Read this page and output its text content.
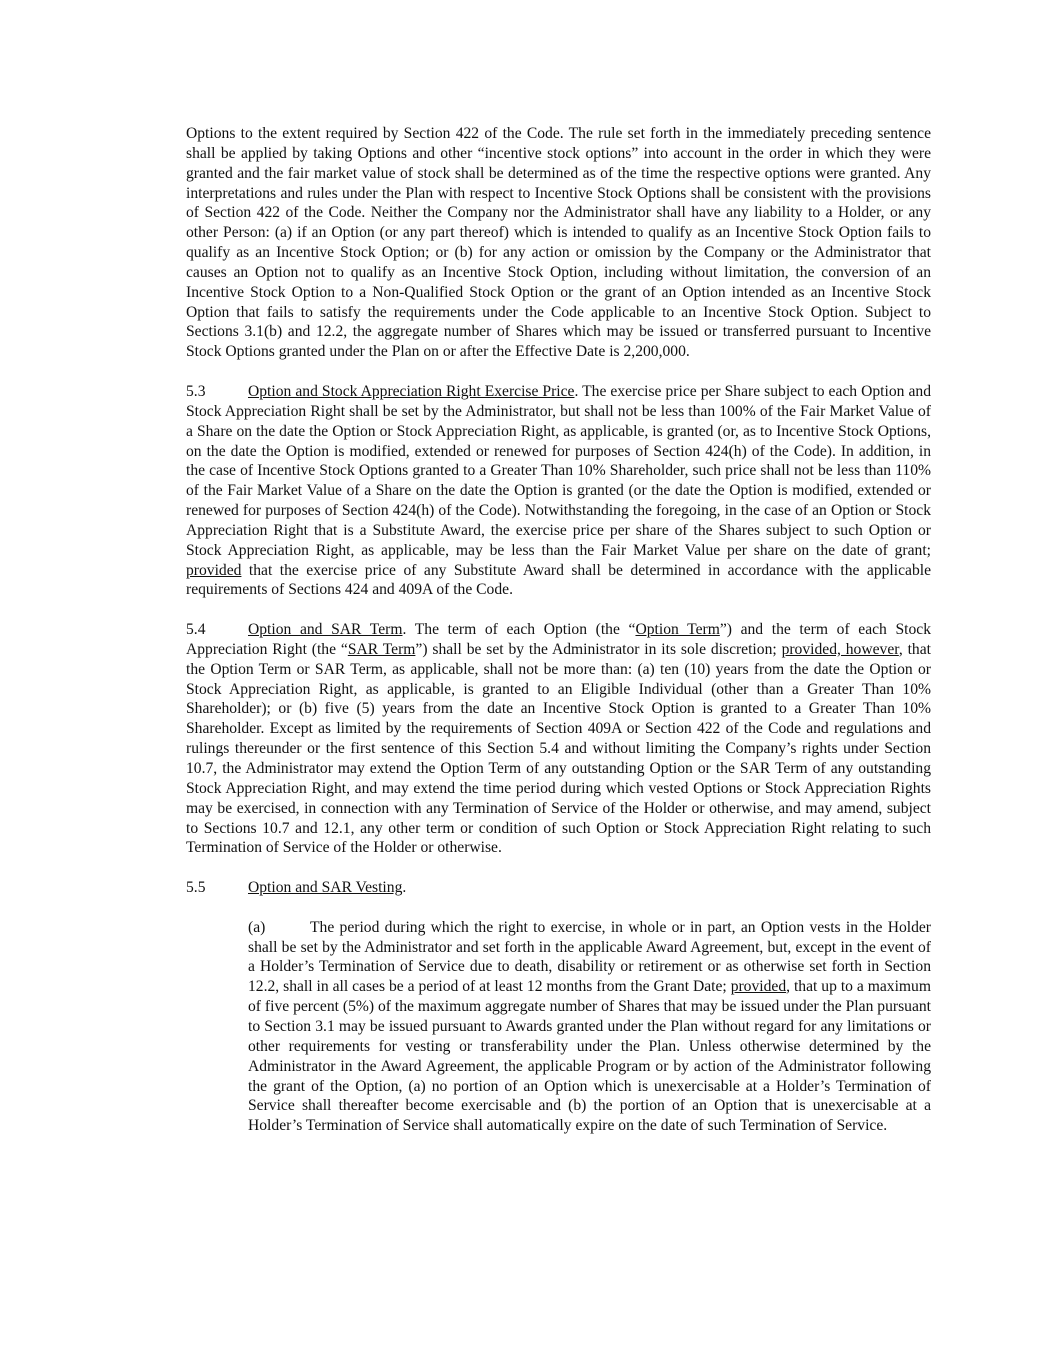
Options to the extent required by Section 422 of the Code. The rule set forth in the immediately preceding sentence shall be applied by taking Options and other “incentive stock options” into account in the order in which they were granted and the fair market value of stock shall be determined as of the time the respective options were granted. Any interpretations and rules under the Plan with respect to Incentive Stock Options shall be consistent with the provisions of Section 422 of the Code. Neither the Company nor the Administrator shall have any liability to a Holder, or any other Person: (a) if an Option (or any part thereof) which is intended to qualify as an Incentive Stock Option fails to qualify as an Incentive Stock Option; or (b) for any action or omission by the Company or the Administrator that causes an Option not to qualify as an Incentive Stock Option, including without limitation, the conversion of an Incentive Stock Option to a Non-Qualified Stock Option or the grant of an Option intended as an Incentive Stock Option that fails to satisfy the requirements under the Code applicable to an Incentive Stock Option. Subject to Sections 3.1(b) and 12.2, the aggregate number of Shares which may be issued or transferred pursuant to Incentive Stock Options granted under the Plan on or after the Effective Date is 2,200,000.

5.3	Option and Stock Appreciation Right Exercise Price. The exercise price per Share subject to each Option and Stock Appreciation Right shall be set by the Administrator, but shall not be less than 100% of the Fair Market Value of a Share on the date the Option or Stock Appreciation Right, as applicable, is granted (or, as to Incentive Stock Options, on the date the Option is modified, extended or renewed for purposes of Section 424(h) of the Code). In addition, in the case of Incentive Stock Options granted to a Greater Than 10% Shareholder, such price shall not be less than 110% of the Fair Market Value of a Share on the date the Option is granted (or the date the Option is modified, extended or renewed for purposes of Section 424(h) of the Code). Notwithstanding the foregoing, in the case of an Option or Stock Appreciation Right that is a Substitute Award, the exercise price per share of the Shares subject to such Option or Stock Appreciation Right, as applicable, may be less than the Fair Market Value per share on the date of grant; provided that the exercise price of any Substitute Award shall be determined in accordance with the applicable requirements of Sections 424 and 409A of the Code.

5.4	Option and SAR Term. The term of each Option (the “Option Term”) and the term of each Stock Appreciation Right (the “SAR Term”) shall be set by the Administrator in its sole discretion; provided, however, that the Option Term or SAR Term, as applicable, shall not be more than: (a) ten (10) years from the date the Option or Stock Appreciation Right, as applicable, is granted to an Eligible Individual (other than a Greater Than 10% Shareholder); or (b) five (5) years from the date an Incentive Stock Option is granted to a Greater Than 10% Shareholder. Except as limited by the requirements of Section 409A or Section 422 of the Code and regulations and rulings thereunder or the first sentence of this Section 5.4 and without limiting the Company’s rights under Section 10.7, the Administrator may extend the Option Term of any outstanding Option or the SAR Term of any outstanding Stock Appreciation Right, and may extend the time period during which vested Options or Stock Appreciation Rights may be exercised, in connection with any Termination of Service of the Holder or otherwise, and may amend, subject to Sections 10.7 and 12.1, any other term or condition of such Option or Stock Appreciation Right relating to such Termination of Service of the Holder or otherwise.

5.5	Option and SAR Vesting.

(a)	The period during which the right to exercise, in whole or in part, an Option vests in the Holder shall be set by the Administrator and set forth in the applicable Award Agreement, but, except in the event of a Holder’s Termination of Service due to death, disability or retirement or as otherwise set forth in Section 12.2, shall in all cases be a period of at least 12 months from the Grant Date; provided, that up to a maximum of five percent (5%) of the maximum aggregate number of Shares that may be issued under the Plan pursuant to Section 3.1 may be issued pursuant to Awards granted under the Plan without regard for any limitations or other requirements for vesting or transferability under the Plan. Unless otherwise determined by the Administrator in the Award Agreement, the applicable Program or by action of the Administrator following the grant of the Option, (a) no portion of an Option which is unexercisable at a Holder’s Termination of Service shall thereafter become exercisable and (b) the portion of an Option that is unexercisable at a Holder’s Termination of Service shall automatically expire on the date of such Termination of Service.
